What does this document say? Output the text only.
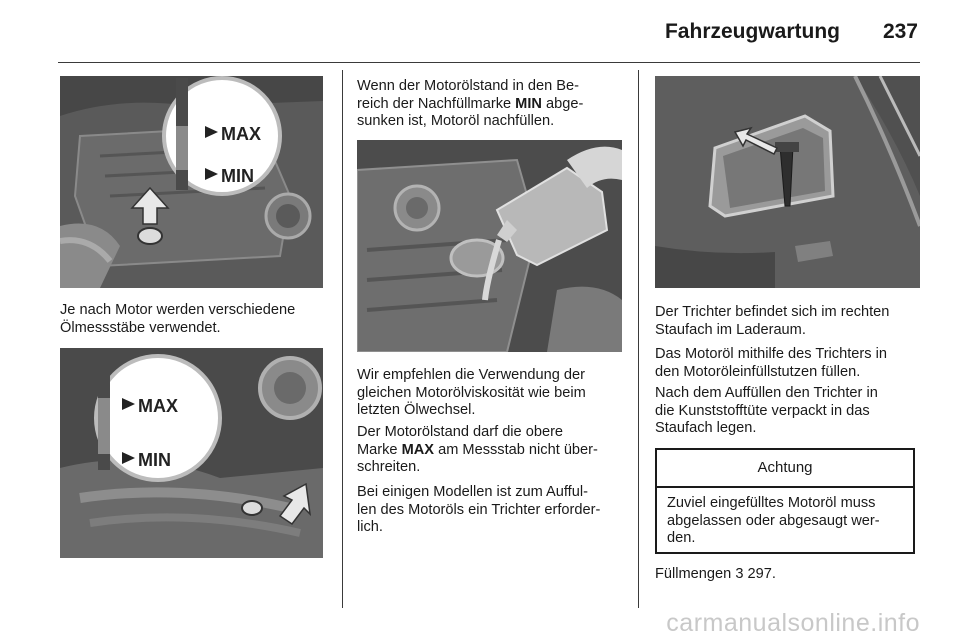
Fahrzeugwartung	237
MAX
MIN

Je nach Motor werden verschiedene
Ölmessstäbe verwendet.

MAX
MIN

Wenn der Motorölstand in den Be-
reich der Nachfüllmarke MIN abge-
sunken ist, Motoröl nachfüllen.

Wir empfehlen die Verwendung der
gleichen Motorölviskosität wie beim
letzten Ölwechsel.

Der Motorölstand darf die obere
Marke MAX am Messstab nicht über-
schreiten.

Bei einigen Modellen ist zum Aufful-
len des Motoröls ein Trichter erforder-
lich.

Der Trichter befindet sich im rechten
Staufach im Laderaum.

Das Motoröl mithilfe des Trichters in
den Motoröleinfüllstutzen füllen.

Nach dem Auffüllen den Trichter in
die Kunststofftüte verpackt in das
Staufach legen.

Achtung
Zuviel eingefülltes Motoröl muss
abgelassen oder abgesaugt wer-
den.

Füllmengen 3 297.

carmanualsonline.info
